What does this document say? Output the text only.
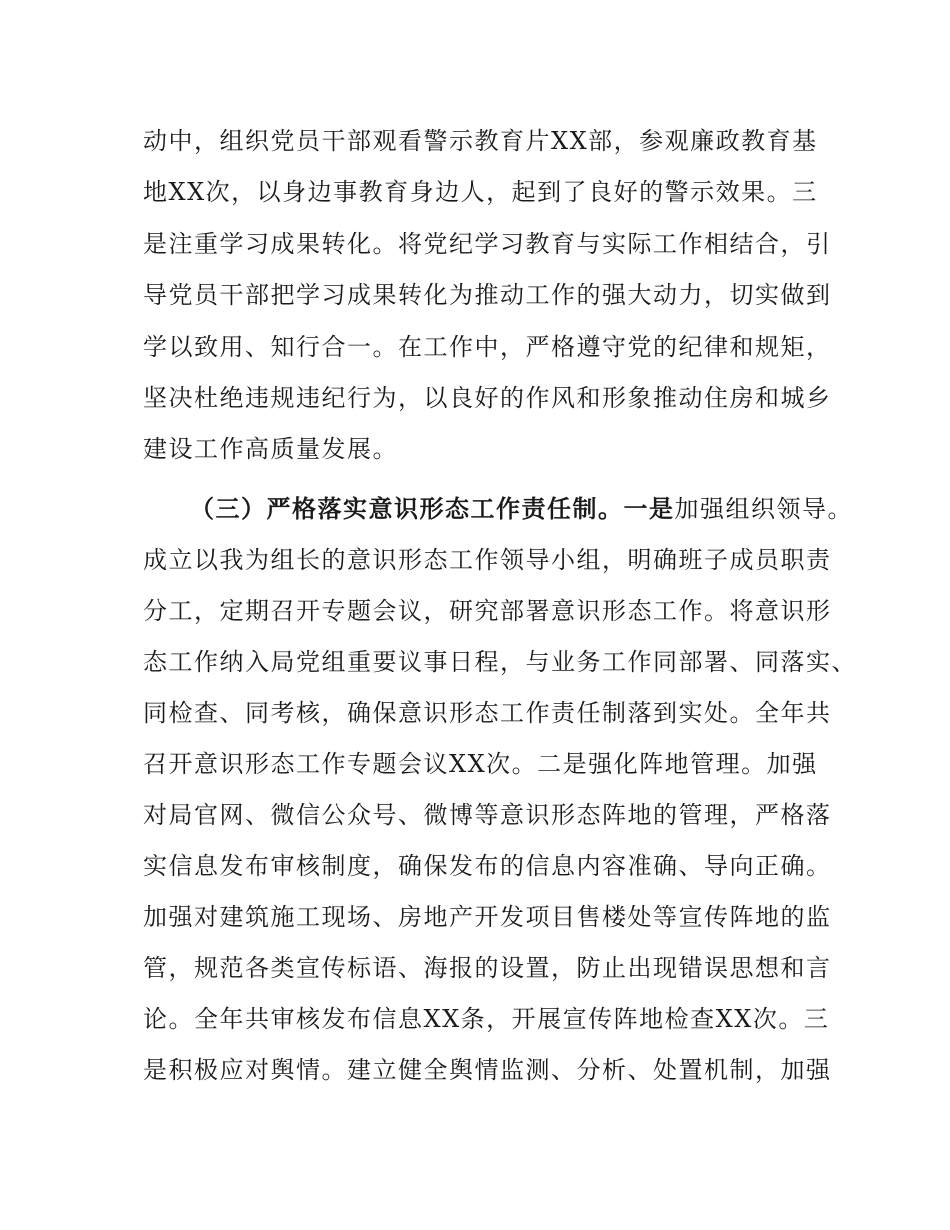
动中，组织党员干部观看警示教育片XX部，参观廉政教育基
地XX次，以身边事教育身边人，起到了良好的警示效果。三
是注重学习成果转化。将党纪学习教育与实际工作相结合，引
导党员干部把学习成果转化为推动工作的强大动力，切实做到
学以致用、知行合一。在工作中，严格遵守党的纪律和规矩，
坚决杜绝违规违纪行为，以良好的作风和形象推动住房和城乡
建设工作高质量发展。
（三）严格落实意识形态工作责任制。一是加强组织领导。
成立以我为组长的意识形态工作领导小组，明确班子成员职责
分工，定期召开专题会议，研究部署意识形态工作。将意识形
态工作纳入局党组重要议事日程，与业务工作同部署、同落实、
同检查、同考核，确保意识形态工作责任制落到实处。全年共
召开意识形态工作专题会议XX次。二是强化阵地管理。加强
对局官网、微信公众号、微博等意识形态阵地的管理，严格落
实信息发布审核制度，确保发布的信息内容准确、导向正确。
加强对建筑施工现场、房地产开发项目售楼处等宣传阵地的监
管，规范各类宣传标语、海报的设置，防止出现错误思想和言
论。全年共审核发布信息XX条，开展宣传阵地检查XX次。三
是积极应对舆情。建立健全舆情监测、分析、处置机制，加强
